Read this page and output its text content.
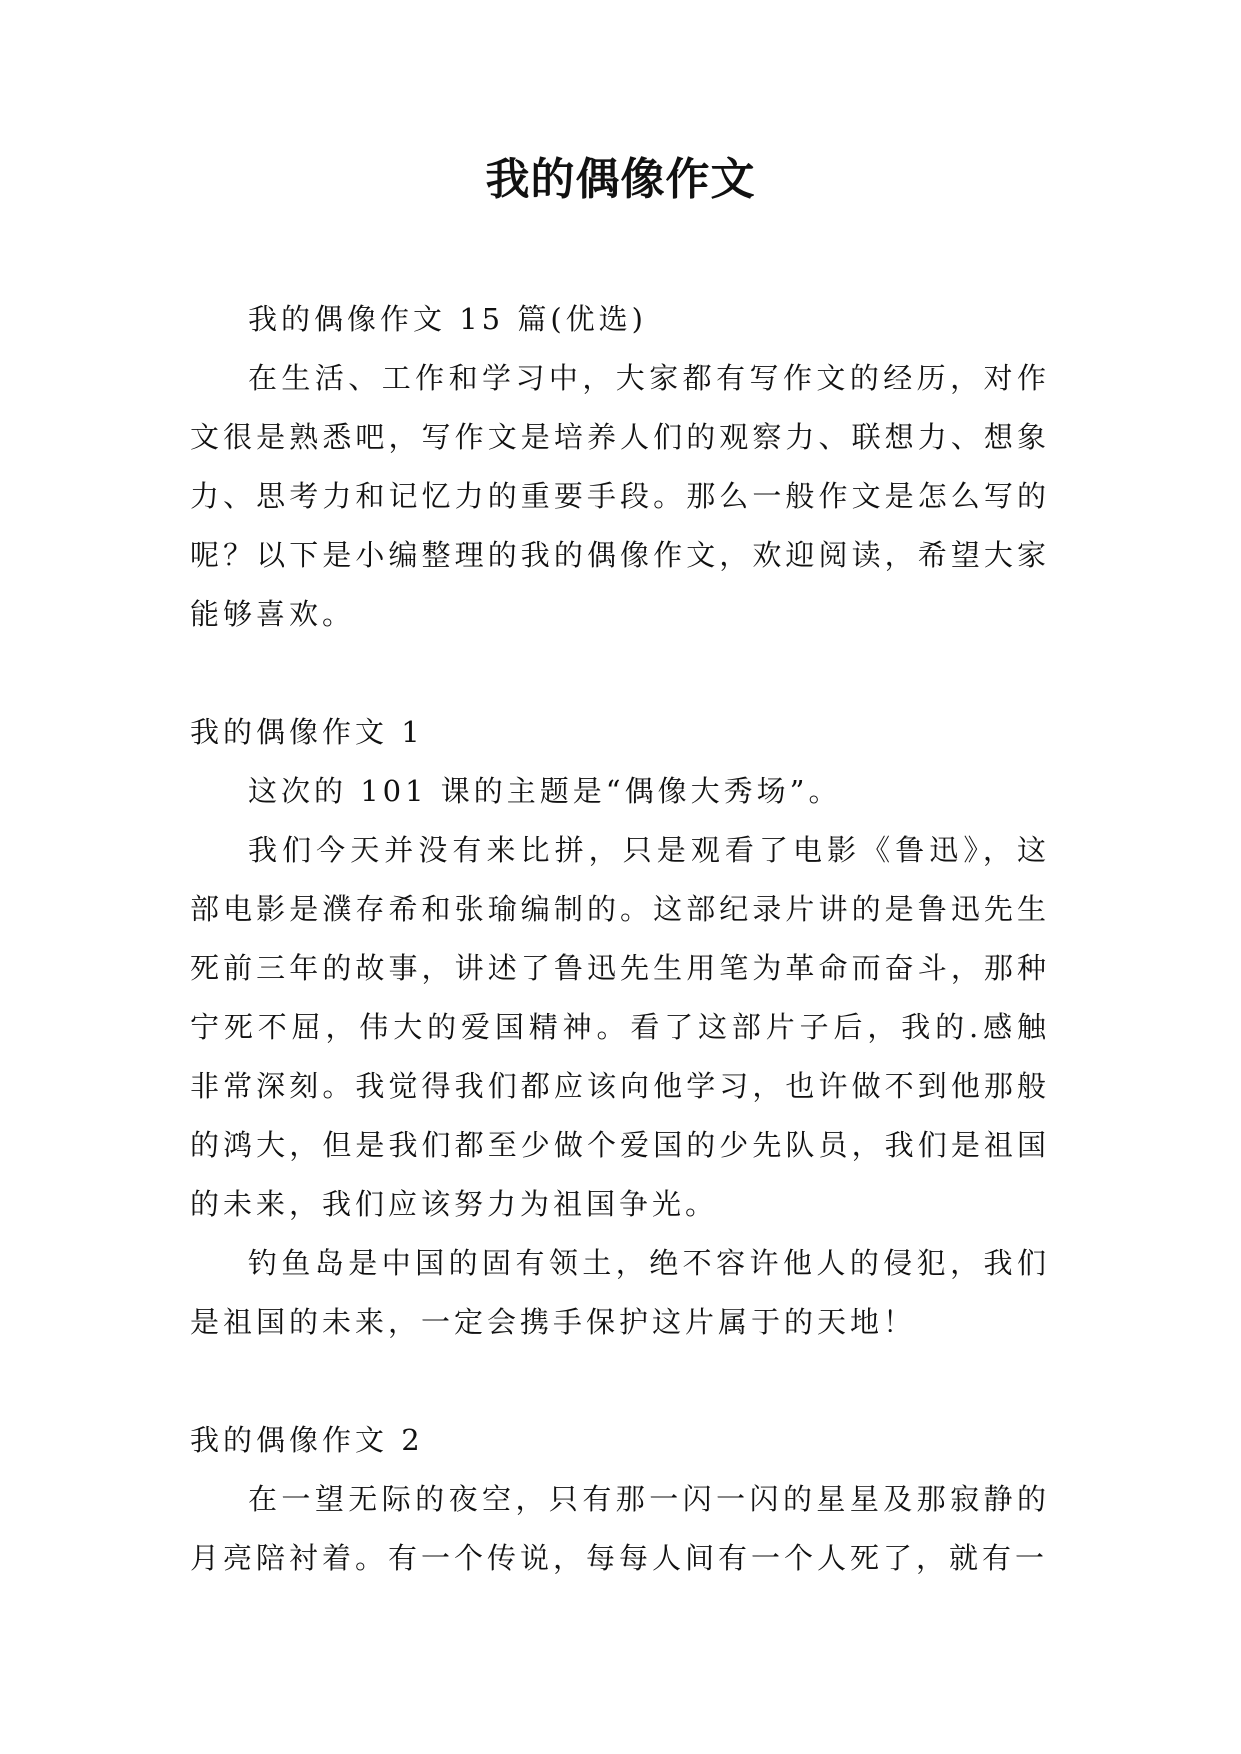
我的偶像作文

我的偶像作文 15 篇(优选)

在生活、工作和学习中，大家都有写作文的经历，对作文很是熟悉吧，写作文是培养人们的观察力、联想力、想象力、思考力和记忆力的重要手段。那么一般作文是怎么写的呢？以下是小编整理的我的偶像作文，欢迎阅读，希望大家能够喜欢。

我的偶像作文 1

这次的 101 课的主题是“偶像大秀场”。

我们今天并没有来比拼，只是观看了电影《鲁迅》，这部电影是濮存希和张瑜编制的。这部纪录片讲的是鲁迅先生死前三年的故事，讲述了鲁迅先生用笔为革命而奋斗，那种宁死不屈，伟大的爱国精神。看了这部片子后，我的.感触非常深刻。我觉得我们都应该向他学习，也许做不到他那般的鸿大，但是我们都至少做个爱国的少先队员，我们是祖国的未来，我们应该努力为祖国争光。

钓鱼岛是中国的固有领土，绝不容许他人的侵犯，我们是祖国的未来，一定会携手保护这片属于的天地！

我的偶像作文 2

在一望无际的夜空，只有那一闪一闪的星星及那寂静的月亮陪衬着。有一个传说，每每人间有一个人死了，就有一
